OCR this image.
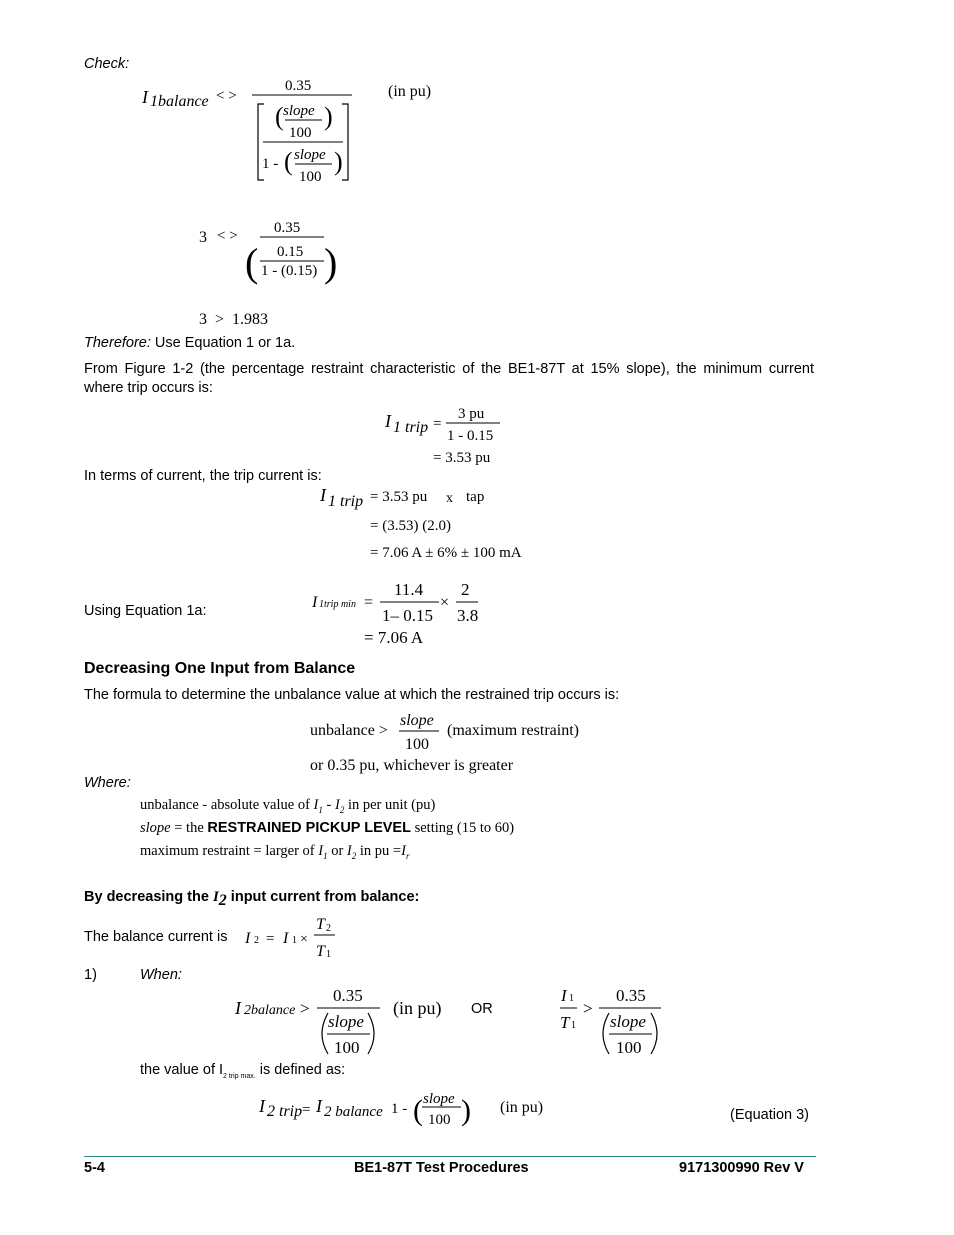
Check:
I 1balance < >
0.35
( slope
100
)
1 - ( slope
100
)
(in pu)
3 < > 0.35
( 0.15
1 - (0.15) )
3 > 1.983
Therefore: Use Equation 1 or 1a.

From Figure 1-2 (the percentage restraint characteristic of the BE1-87T at 15% slope), the minimum current where trip occurs is:

I 1 trip =
3 pu
1 - 0.15
= 3.53 pu
In terms of current, the trip current is:
I 1 trip = 3.53 pu x tap
= (3.53) (2.0)
= 7.06 A ± 6% ± 100 mA
Using Equation 1a:	I 1trip min =
11.4
1– 0.15
×
2
3.8
= 7.06 A
Decreasing One Input from Balance
The formula to determine the unbalance value at which the restrained trip occurs is:
unbalance >
slope
100
(maximum restraint)
or 0.35 pu, whichever is greater
Where:
unbalance - absolute value of $I_1 - I_2$ in per unit (pu)
slope = the RESTRAINED PICKUP LEVEL setting (15 to 60)
maximum restraint = larger of $I_1$ or $I_2$ in pu $=I_r$
By decreasing the $I_2$ input current from balance:
The balance current is I 2 = I 1 ×
T 2
T 1
1)	When:
I 2balance >
0.35
slope
100
(in pu) OR
I 1
T 1
>
0.35
slope
100
the value of $I_{2 trip max.}$ is defined as:
I 2 trip = I 2 balance 1 - ( slope
100 ) (in pu)	(Equation 3)
5-4	BE1-87T Test Procedures	9171300990 Rev V
